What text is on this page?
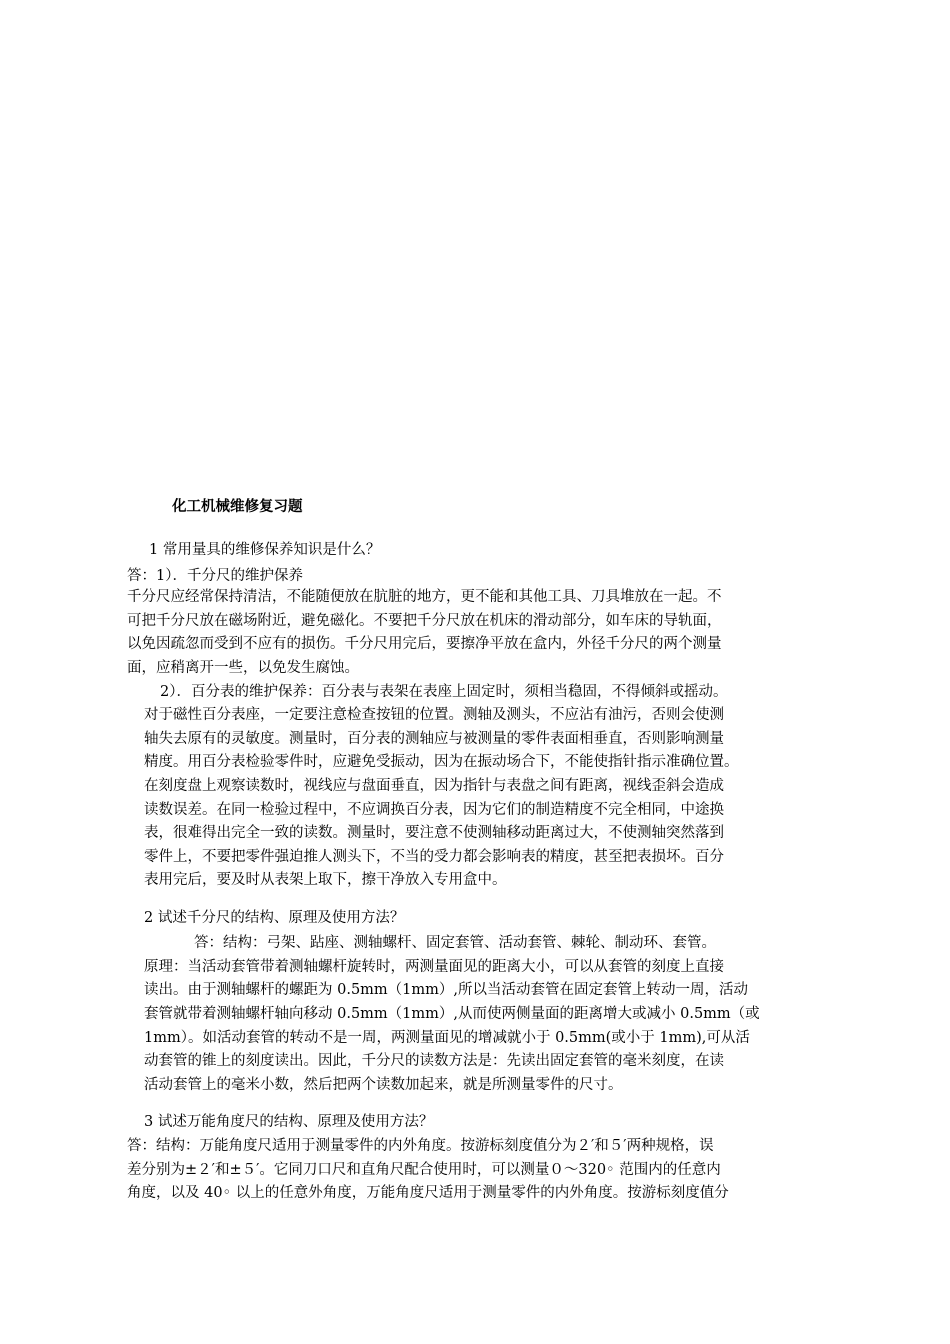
化工机械维修复习题
1 常用量具的维修保养知识是什么？
答：1）．千分尺的维护保养
千分尺应经常保持清洁，不能随便放在肮脏的地方，更不能和其他工具、刀具堆放在一起。不
可把千分尺放在磁场附近，避免磁化。不要把千分尺放在机床的滑动部分，如车床的导轨面，
以免因疏忽而受到不应有的损伤。千分尺用完后，要擦净平放在盒内，外径千分尺的两个测量
面，应稍离开一些，以免发生腐蚀。
2）．百分表的维护保养：百分表与表架在表座上固定时，须相当稳固，不得倾斜或摇动。
对于磁性百分表座，一定要注意检查按钮的位置。测轴及测头，不应沾有油污，否则会使测
轴失去原有的灵敏度。测量时，百分表的测轴应与被测量的零件表面相垂直，否则影响测量
精度。用百分表检验零件时，应避免受振动，因为在振动场合下，不能使指针指示准确位置。
在刻度盘上观察读数时，视线应与盘面垂直，因为指针与表盘之间有距离，视线歪斜会造成
读数误差。在同一检验过程中，不应调换百分表，因为它们的制造精度不完全相同，中途换
表，很难得出完全一致的读数。测量时，要注意不使测轴移动距离过大，不使测轴突然落到
零件上，不要把零件强迫推人测头下，不当的受力都会影响表的精度，甚至把表损坏。百分
表用完后，要及时从表架上取下，擦干净放入专用盒中。
2 试述千分尺的结构、原理及使用方法？
答：结构：弓架、跕座、测轴螺杆、固定套管、活动套管、棘轮、制动环、套管。
原理：当活动套管带着测轴螺杆旋转时，两测量面见的距离大小，可以从套管的刻度上直接
读出。由于测轴螺杆的螺距为 0.5mm（1mm）,所以当活动套管在固定套管上转动一周，活动
套管就带着测轴螺杆轴向移动 0.5mm（1mm）,从而使两侧量面的距离增大或减小 0.5mm（或
1mm）。如活动套管的转动不是一周，两测量面见的增减就小于 0.5mm(或小于 1mm),可从活
动套管的锥上的刻度读出。因此，千分尺的读数方法是：先读出固定套管的毫米刻度，在读
活动套管上的毫米小数，然后把两个读数加起来，就是所测量零件的尺寸。
3 试述万能角度尺的结构、原理及使用方法？
答：结构：万能角度尺适用于测量零件的内外角度。按游标刻度值分为２′和５′两种规格，误
差分别为±２′和±５′。它同刀口尺和直角尺配合使用时，可以测量０～320◦ 范围内的任意内
角度，以及 40◦ 以上的任意外角度，万能角度尺适用于测量零件的内外角度。按游标刻度值分
